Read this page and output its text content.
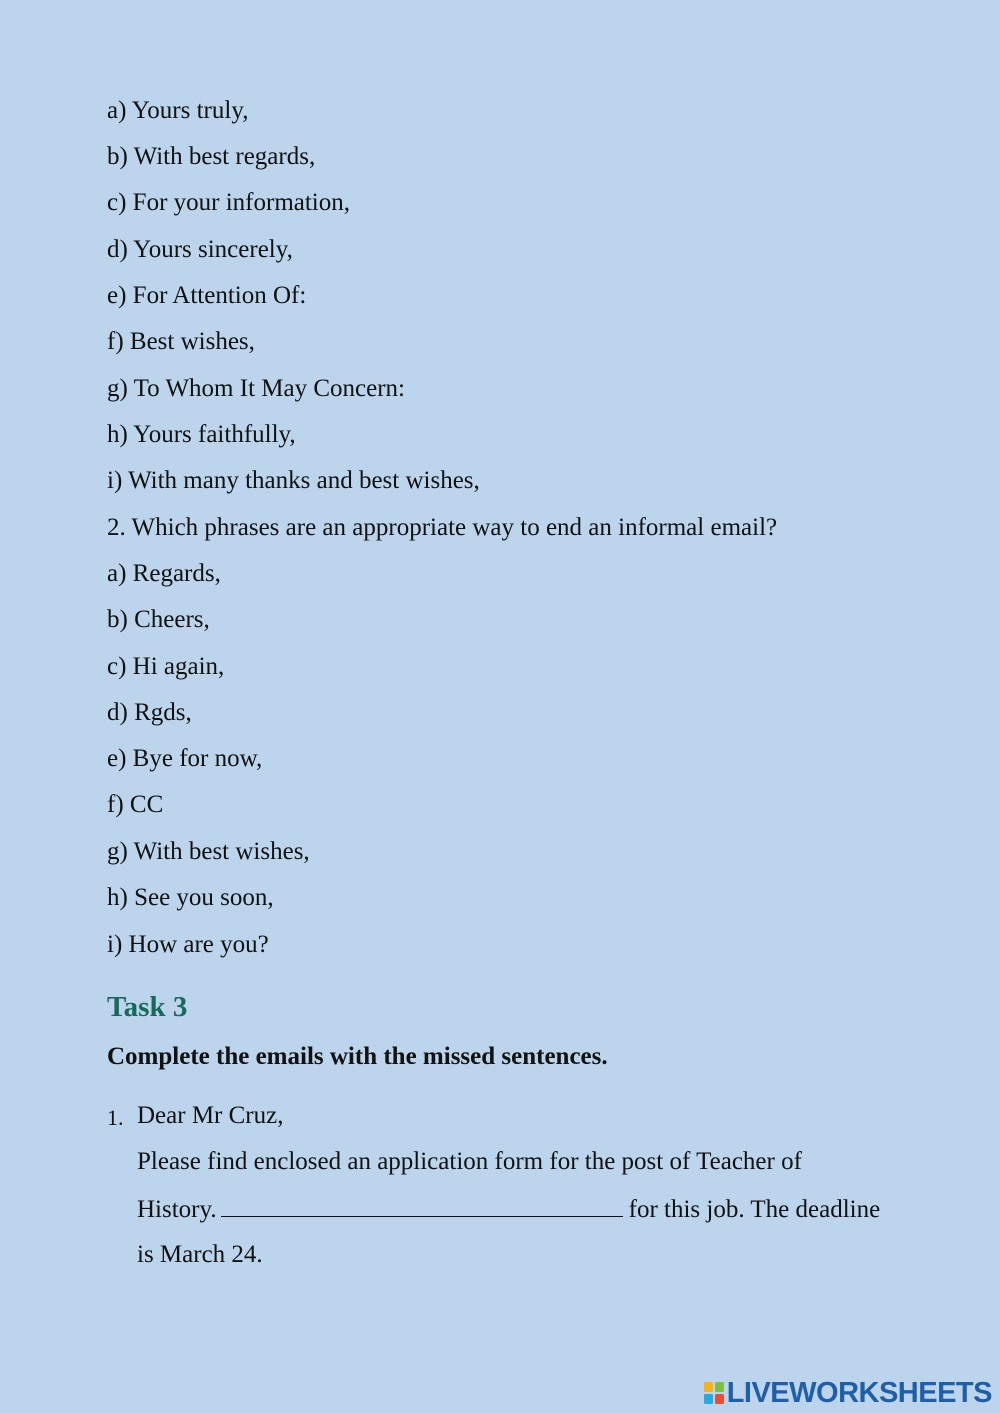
a) Yours truly,
b) With best regards,
c) For your information,
d) Yours sincerely,
e) For Attention Of:
f) Best wishes,
g) To Whom It May Concern:
h) Yours faithfully,
i) With many thanks and best wishes,
2. Which phrases are an appropriate way to end an informal email?
a) Regards,
b) Cheers,
c) Hi again,
d) Rgds,
e) Bye for now,
f) CC
g) With best wishes,
h) See you soon,
i) How are you?
Task 3
Complete the emails with the missed sentences.
1. Dear Mr Cruz,
Please find enclosed an application form for the post of Teacher of
History.	for this job. The deadline
is March 24.
LIVEWORKSHEETS
